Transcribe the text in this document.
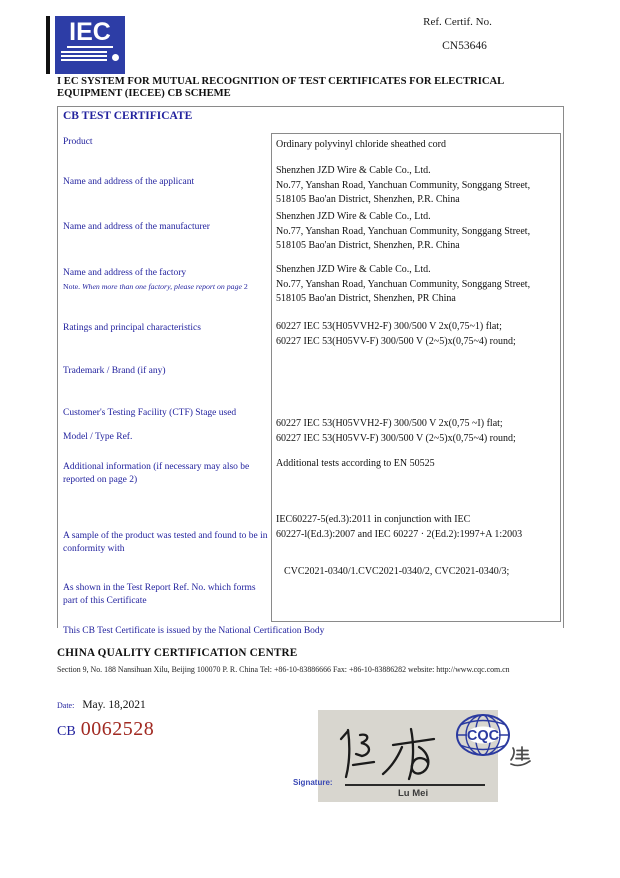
IEC	Ref. Certif. No.
CN53646
I EC SYSTEM FOR MUTUAL RECOGNITION OF TEST CERTIFICATES FOR ELECTRICAL EQUIPMENT (IECEE) CB SCHEME
CB TEST CERTIFICATE
Product
Name and address of the applicant
Name and address of the manufacturer
Name and address of the factory
Note. When more than one factory, please report on page 2
Ratings and principal characteristics
Trademark / Brand (if any)
Customer's Testing Facility (CTF) Stage used
Model / Type Ref.
Additional information (if necessary may also be reported on page 2)
A sample of the product was tested and found to be in conformity with
As shown in the Test Report Ref. No. which forms part of this Certificate
Ordinary polyvinyl chloride sheathed cord
Shenzhen JZD Wire & Cable Co., Ltd.
No.77, Yanshan Road, Yanchuan Community, Songgang Street,
518105 Bao'an District, Shenzhen, P.R. China
Shenzhen JZD Wire & Cable Co., Ltd.
No.77, Yanshan Road, Yanchuan Community, Songgang Street,
518105 Bao'an District, Shenzhen, P.R. China
Shenzhen JZD Wire & Cable Co., Ltd.
No.77, Yanshan Road, Yanchuan Community, Songgang Street,
518105 Bao'an District, Shenzhen, PR China
60227 IEC 53(H05VVH2-F) 300/500 V 2x(0,75~1) flat;
60227 IEC 53(H05VV-F) 300/500 V (2~5)x(0,75~4) round;
60227 IEC 53(H05VVH2-F) 300/500 V 2x(0,75 ~I) flat;
60227 IEC 53(H05VV-F) 300/500 V (2~5)x(0,75~4) round;
Additional tests according to EN 50525
IEC60227-5(ed.3):2011 in conjunction with IEC
60227-l(Ed.3):2007 and IEC 60227 · 2(Ed.2):1997+A 1:2003
CVC2021-0340/1.CVC2021-0340/2, CVC2021-0340/3;
This CB Test Certificate is issued by the National Certification Body
CHINA QUALITY CERTIFICATION CENTRE
Section 9, No. 188 Nansihuan Xilu, Beijing 100070 P. R. China Tel: +86-10-83886666 Fax: +86-10-83886282 website: http://www.cqc.com.cn
Date: May. 18,2021
CB 0062528
Signature:
Lu Mei
CQC
